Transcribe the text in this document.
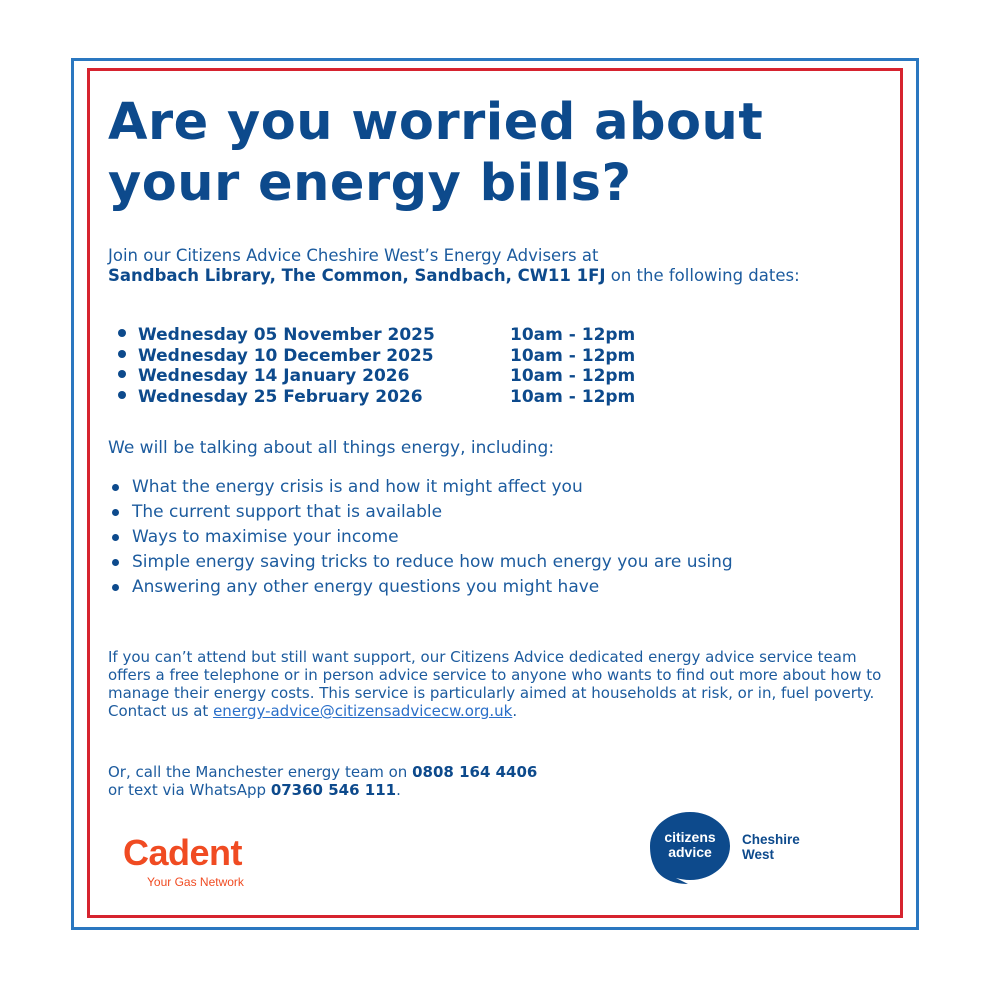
Are you worried about
your energy bills?

Join our Citizens Advice Cheshire West’s Energy Advisers at
Sandbach Library, The Common, Sandbach, CW11 1FJ on the following dates:

Wednesday 05 November 2025	10am - 12pm
Wednesday 10 December 2025	10am - 12pm
Wednesday 14 January 2026	10am - 12pm
Wednesday 25 February 2026	10am - 12pm

We will be talking about all things energy, including:

What the energy crisis is and how it might affect you
The current support that is available
Ways to maximise your income
Simple energy saving tricks to reduce how much energy you are using
Answering any other energy questions you might have

If you can’t attend but still want support, our Citizens Advice dedicated energy advice service team offers a free telephone or in person advice service to anyone who wants to find out more about how to manage their energy costs. This service is particularly aimed at households at risk, or in, fuel poverty. Contact us at energy-advice@citizensadvicecw.org.uk.

Or, call the Manchester energy team on 0808 164 4406
or text via WhatsApp 07360 546 111.

Cadent
Your Gas Network
citizens
advice
Cheshire
West
